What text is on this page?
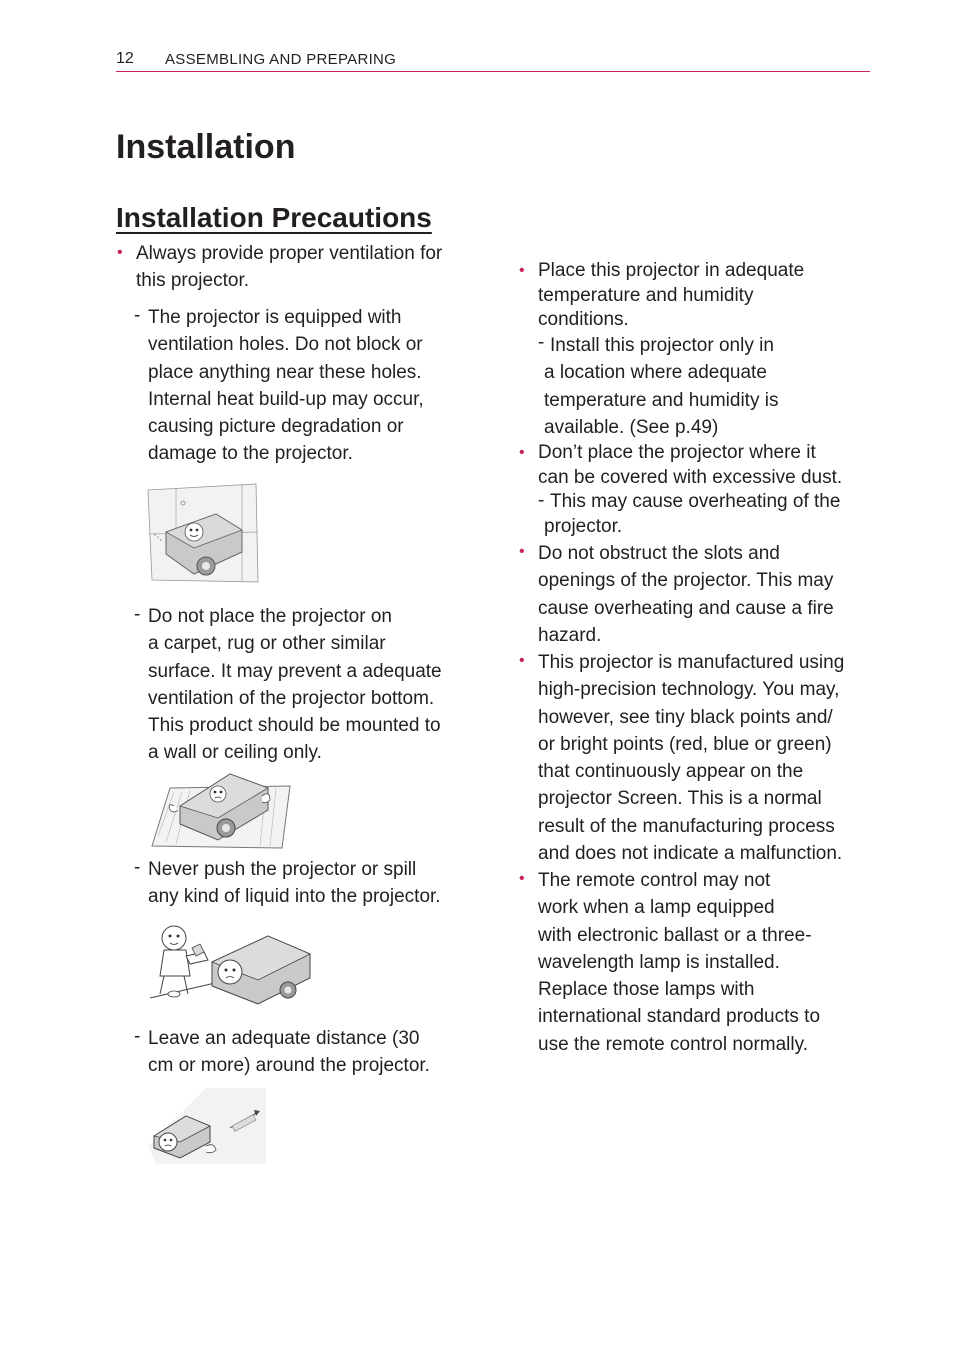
12 ASSEMBLING AND PREPARING
Installation
Installation Precautions
• Always provide proper ventilation for
this projector.
- The projector is equipped with
ventilation holes. Do not block or
place anything near these holes.
Internal heat build-up may occur,
causing picture degradation or
damage to the projector.
- Do not place the projector on
a carpet, rug or other similar
surface. It may prevent a adequate
ventilation of the projector bottom.
This product should be mounted to
a wall or ceiling only.
- Never push the projector or spill
any kind of liquid into the projector.
- Leave an adequate distance (30
cm or more) around the projector.
• Place this projector in adequate
temperature and humidity
conditions.
- Install this projector only in
a location where adequate
temperature and humidity is
available. (See p.49)
• Don’t place the projector where it
can be covered with excessive dust.
- This may cause overheating of the
projector.
• Do not obstruct the slots and
openings of the projector. This may
cause overheating and cause a fire
hazard.
• This projector is manufactured using
high-precision technology. You may,
however, see tiny black points and/
or bright points (red, blue or green)
that continuously appear on the
projector Screen. This is a normal
result of the manufacturing process
and does not indicate a malfunction.
• The remote control may not
work when a lamp equipped
with electronic ballast or a three-
wavelength lamp is installed.
Replace those lamps with
international standard products to
use the remote control normally.
